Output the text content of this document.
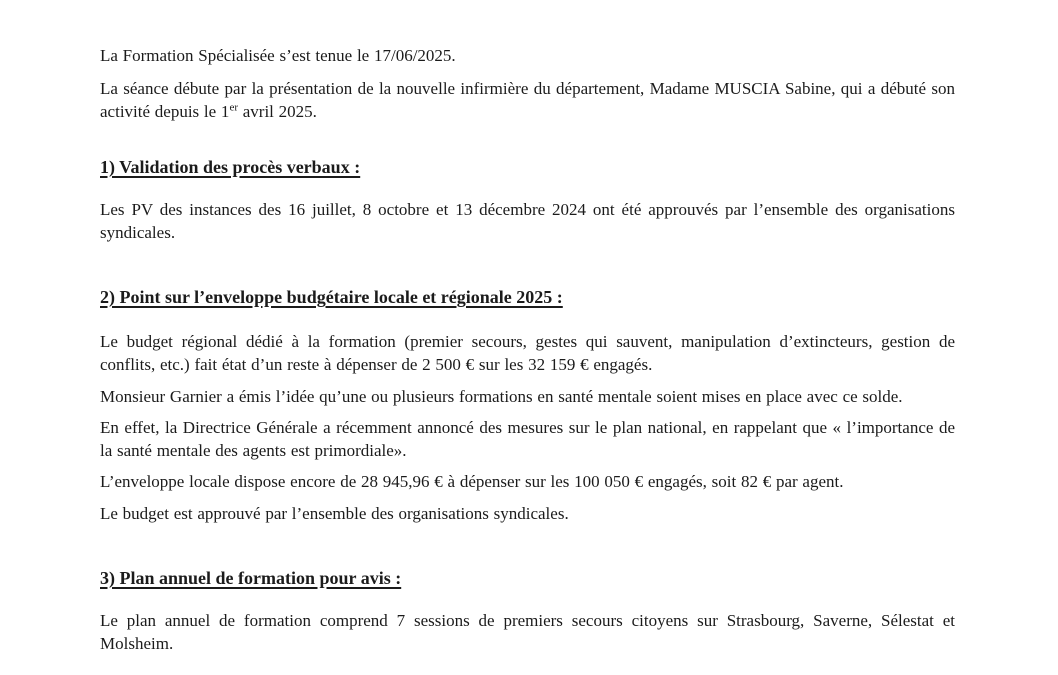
La Formation Spécialisée s’est tenue le 17/06/2025.

La séance débute par la présentation de la nouvelle infirmière du département, Madame MUSCIA Sabine, qui a débuté son activité depuis le 1er avril 2025.

1) Validation des procès verbaux :

Les PV des instances des 16 juillet, 8 octobre et 13 décembre 2024 ont été approuvés par l’ensemble des organisations syndicales.

2) Point sur l’enveloppe budgétaire locale et régionale 2025 :

Le budget régional dédié à la formation (premier secours, gestes qui sauvent, manipulation d’extincteurs, gestion de conflits, etc.) fait état d’un reste à dépenser de 2 500 € sur les 32 159 € engagés.

Monsieur Garnier a émis l’idée qu’une ou plusieurs formations en santé mentale soient mises en place avec ce solde.

En effet, la Directrice Générale a récemment annoncé des mesures sur le plan national, en rappelant que « l’importance de la santé mentale des agents est primordiale».

L’enveloppe locale dispose encore de 28 945,96 € à dépenser sur les 100 050 € engagés, soit 82 € par agent.

Le budget est approuvé par l’ensemble des organisations syndicales.

3) Plan annuel de formation pour avis :

Le plan annuel de formation comprend 7 sessions de premiers secours citoyens sur Strasbourg, Saverne, Sélestat et Molsheim.
